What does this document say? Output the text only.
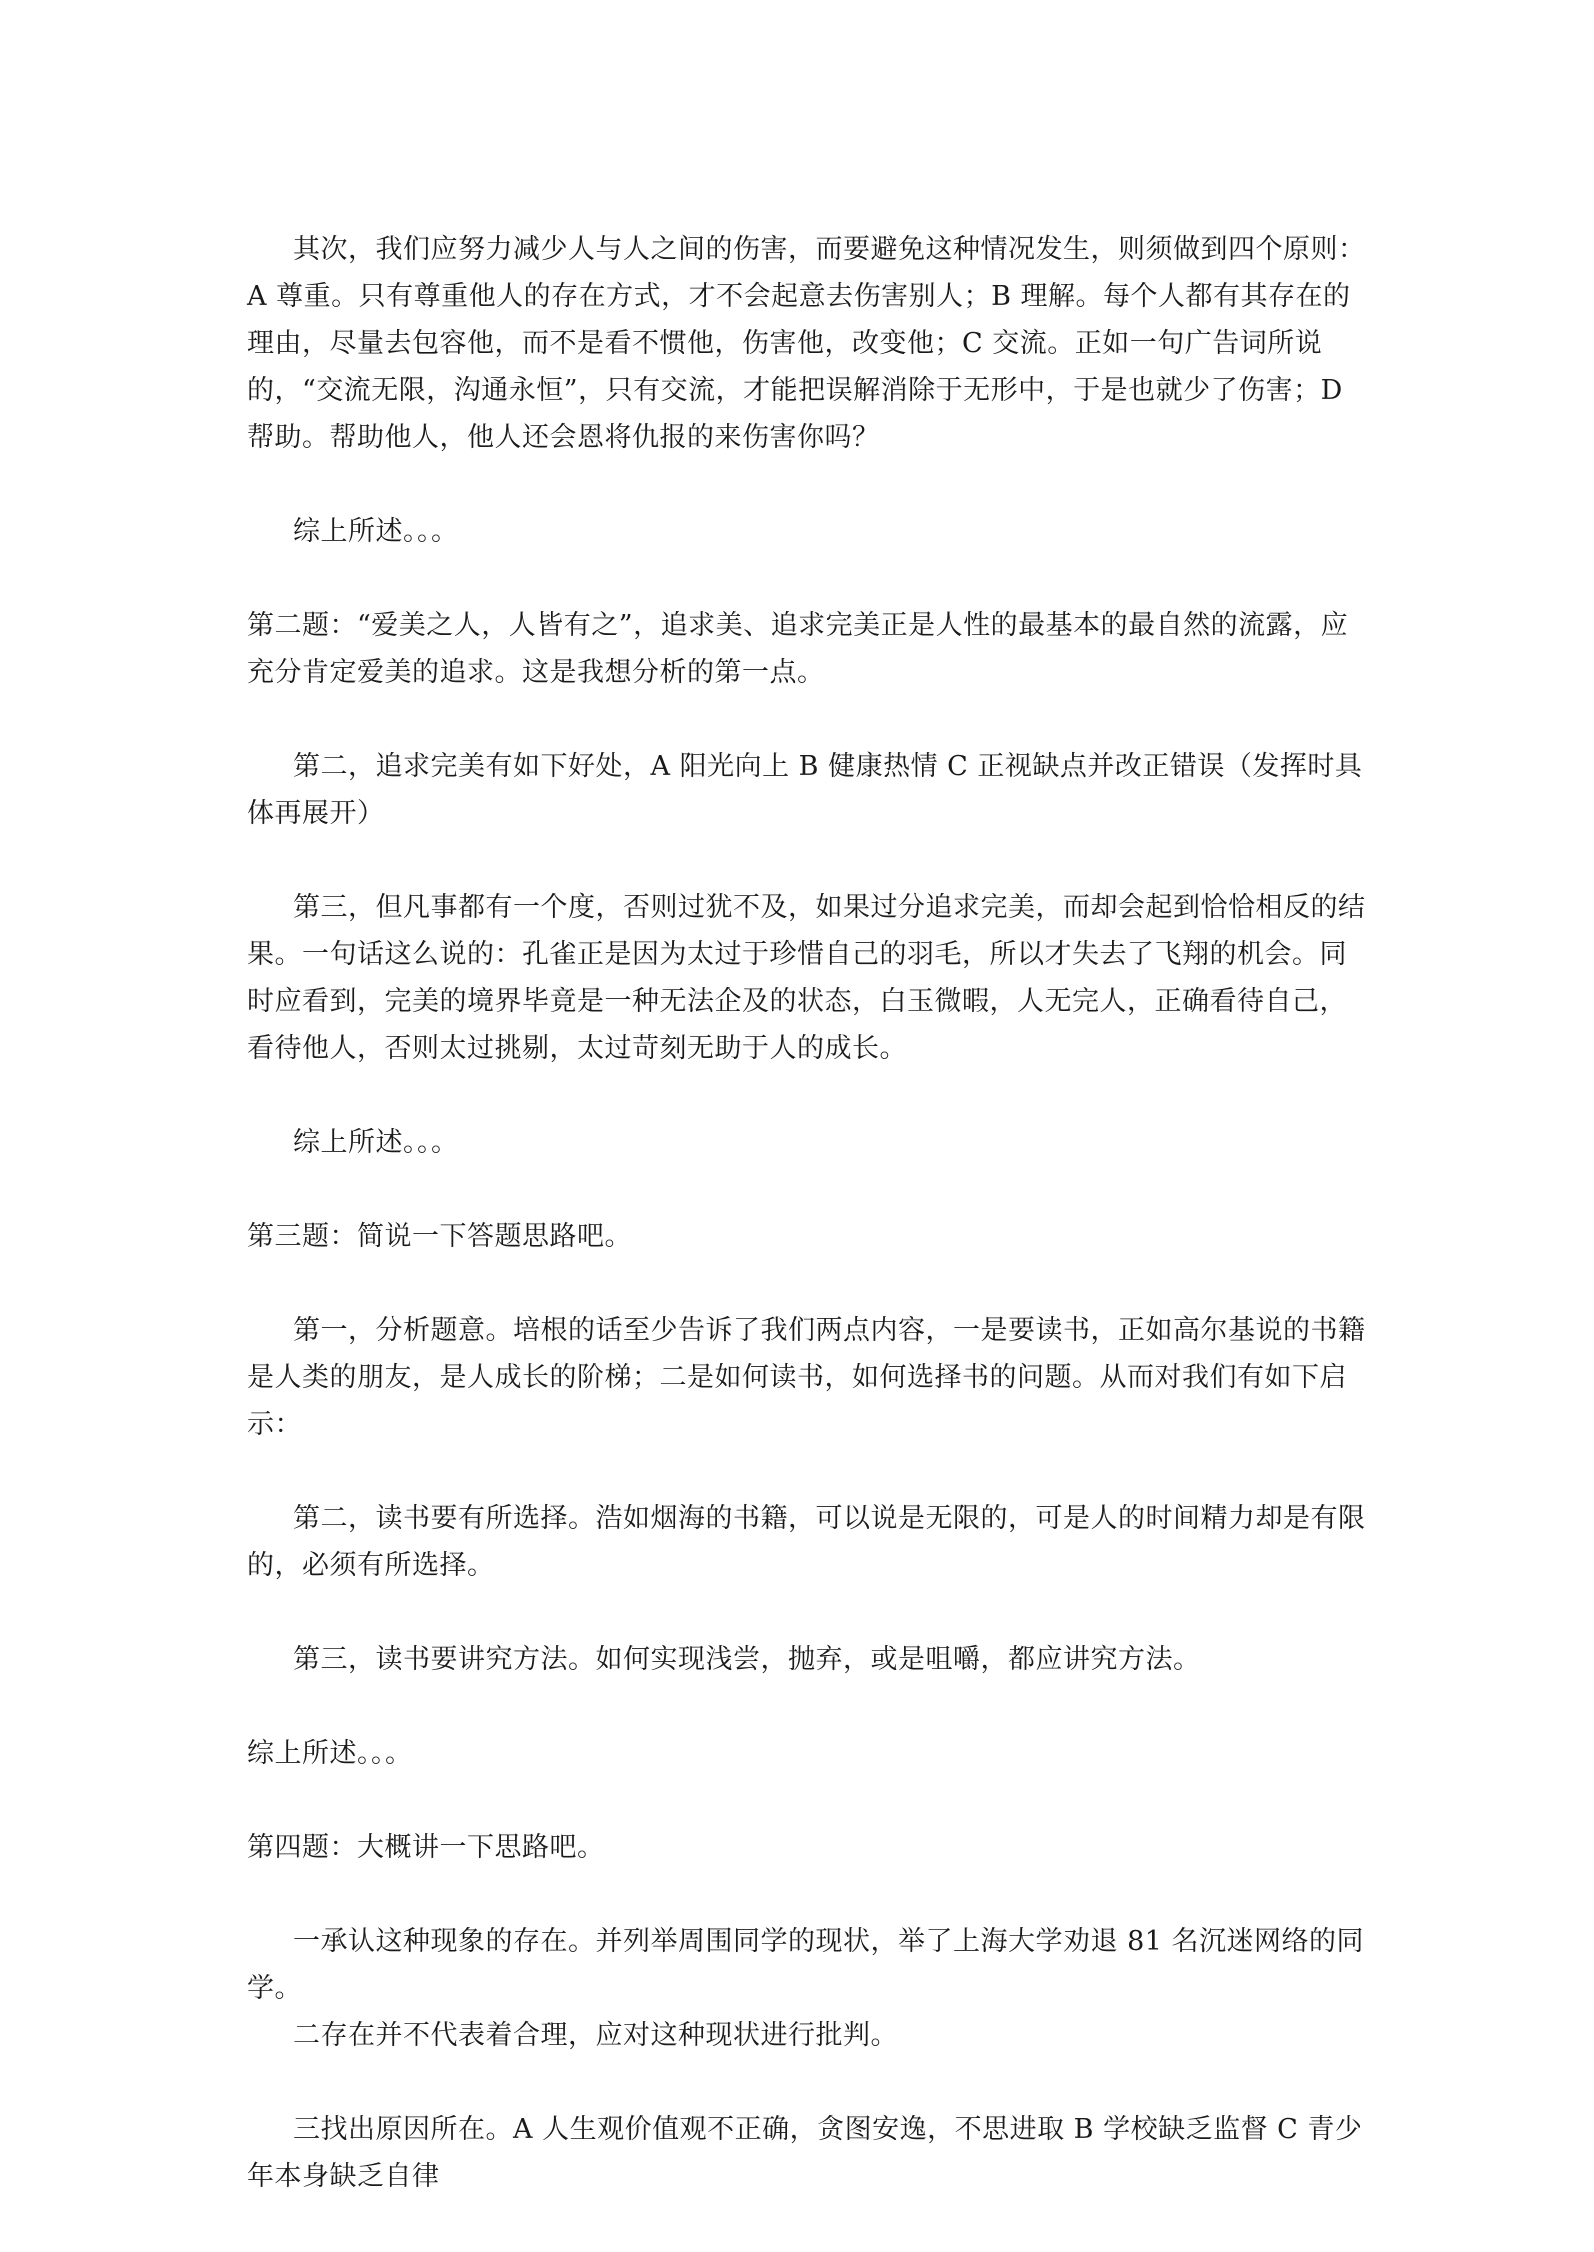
其次，我们应努力减少人与人之间的伤害，而要避免这种情况发生，则须做到四个原则：A 尊重。只有尊重他人的存在方式，才不会起意去伤害别人；B 理解。每个人都有其存在的理由，尽量去包容他，而不是看不惯他，伤害他，改变他；C 交流。正如一句广告词所说的，“交流无限，沟通永恒”，只有交流，才能把误解消除于无形中，于是也就少了伤害；D 帮助。帮助他人，他人还会恩将仇报的来伤害你吗？

综上所述。。。

第二题：“爱美之人，人皆有之”，追求美、追求完美正是人性的最基本的最自然的流露，应充分肯定爱美的追求。这是我想分析的第一点。

第二，追求完美有如下好处，A 阳光向上 B 健康热情 C 正视缺点并改正错误（发挥时具体再展开）

第三，但凡事都有一个度，否则过犹不及，如果过分追求完美，而却会起到恰恰相反的结果。一句话这么说的：孔雀正是因为太过于珍惜自己的羽毛，所以才失去了飞翔的机会。同时应看到，完美的境界毕竟是一种无法企及的状态，白玉微暇，人无完人，正确看待自己，看待他人，否则太过挑剔，太过苛刻无助于人的成长。

综上所述。。。

第三题：简说一下答题思路吧。

第一，分析题意。培根的话至少告诉了我们两点内容，一是要读书，正如高尔基说的书籍是人类的朋友，是人成长的阶梯；二是如何读书，如何选择书的问题。从而对我们有如下启示：

第二，读书要有所选择。浩如烟海的书籍，可以说是无限的，可是人的时间精力却是有限的，必须有所选择。

第三，读书要讲究方法。如何实现浅尝，抛弃，或是咀嚼，都应讲究方法。

综上所述。。。

第四题：大概讲一下思路吧。

一承认这种现象的存在。并列举周围同学的现状，举了上海大学劝退 81 名沉迷网络的同学。

二存在并不代表着合理，应对这种现状进行批判。

三找出原因所在。A 人生观价值观不正确，贪图安逸，不思进取 B 学校缺乏监督 C 青少年本身缺乏自律
